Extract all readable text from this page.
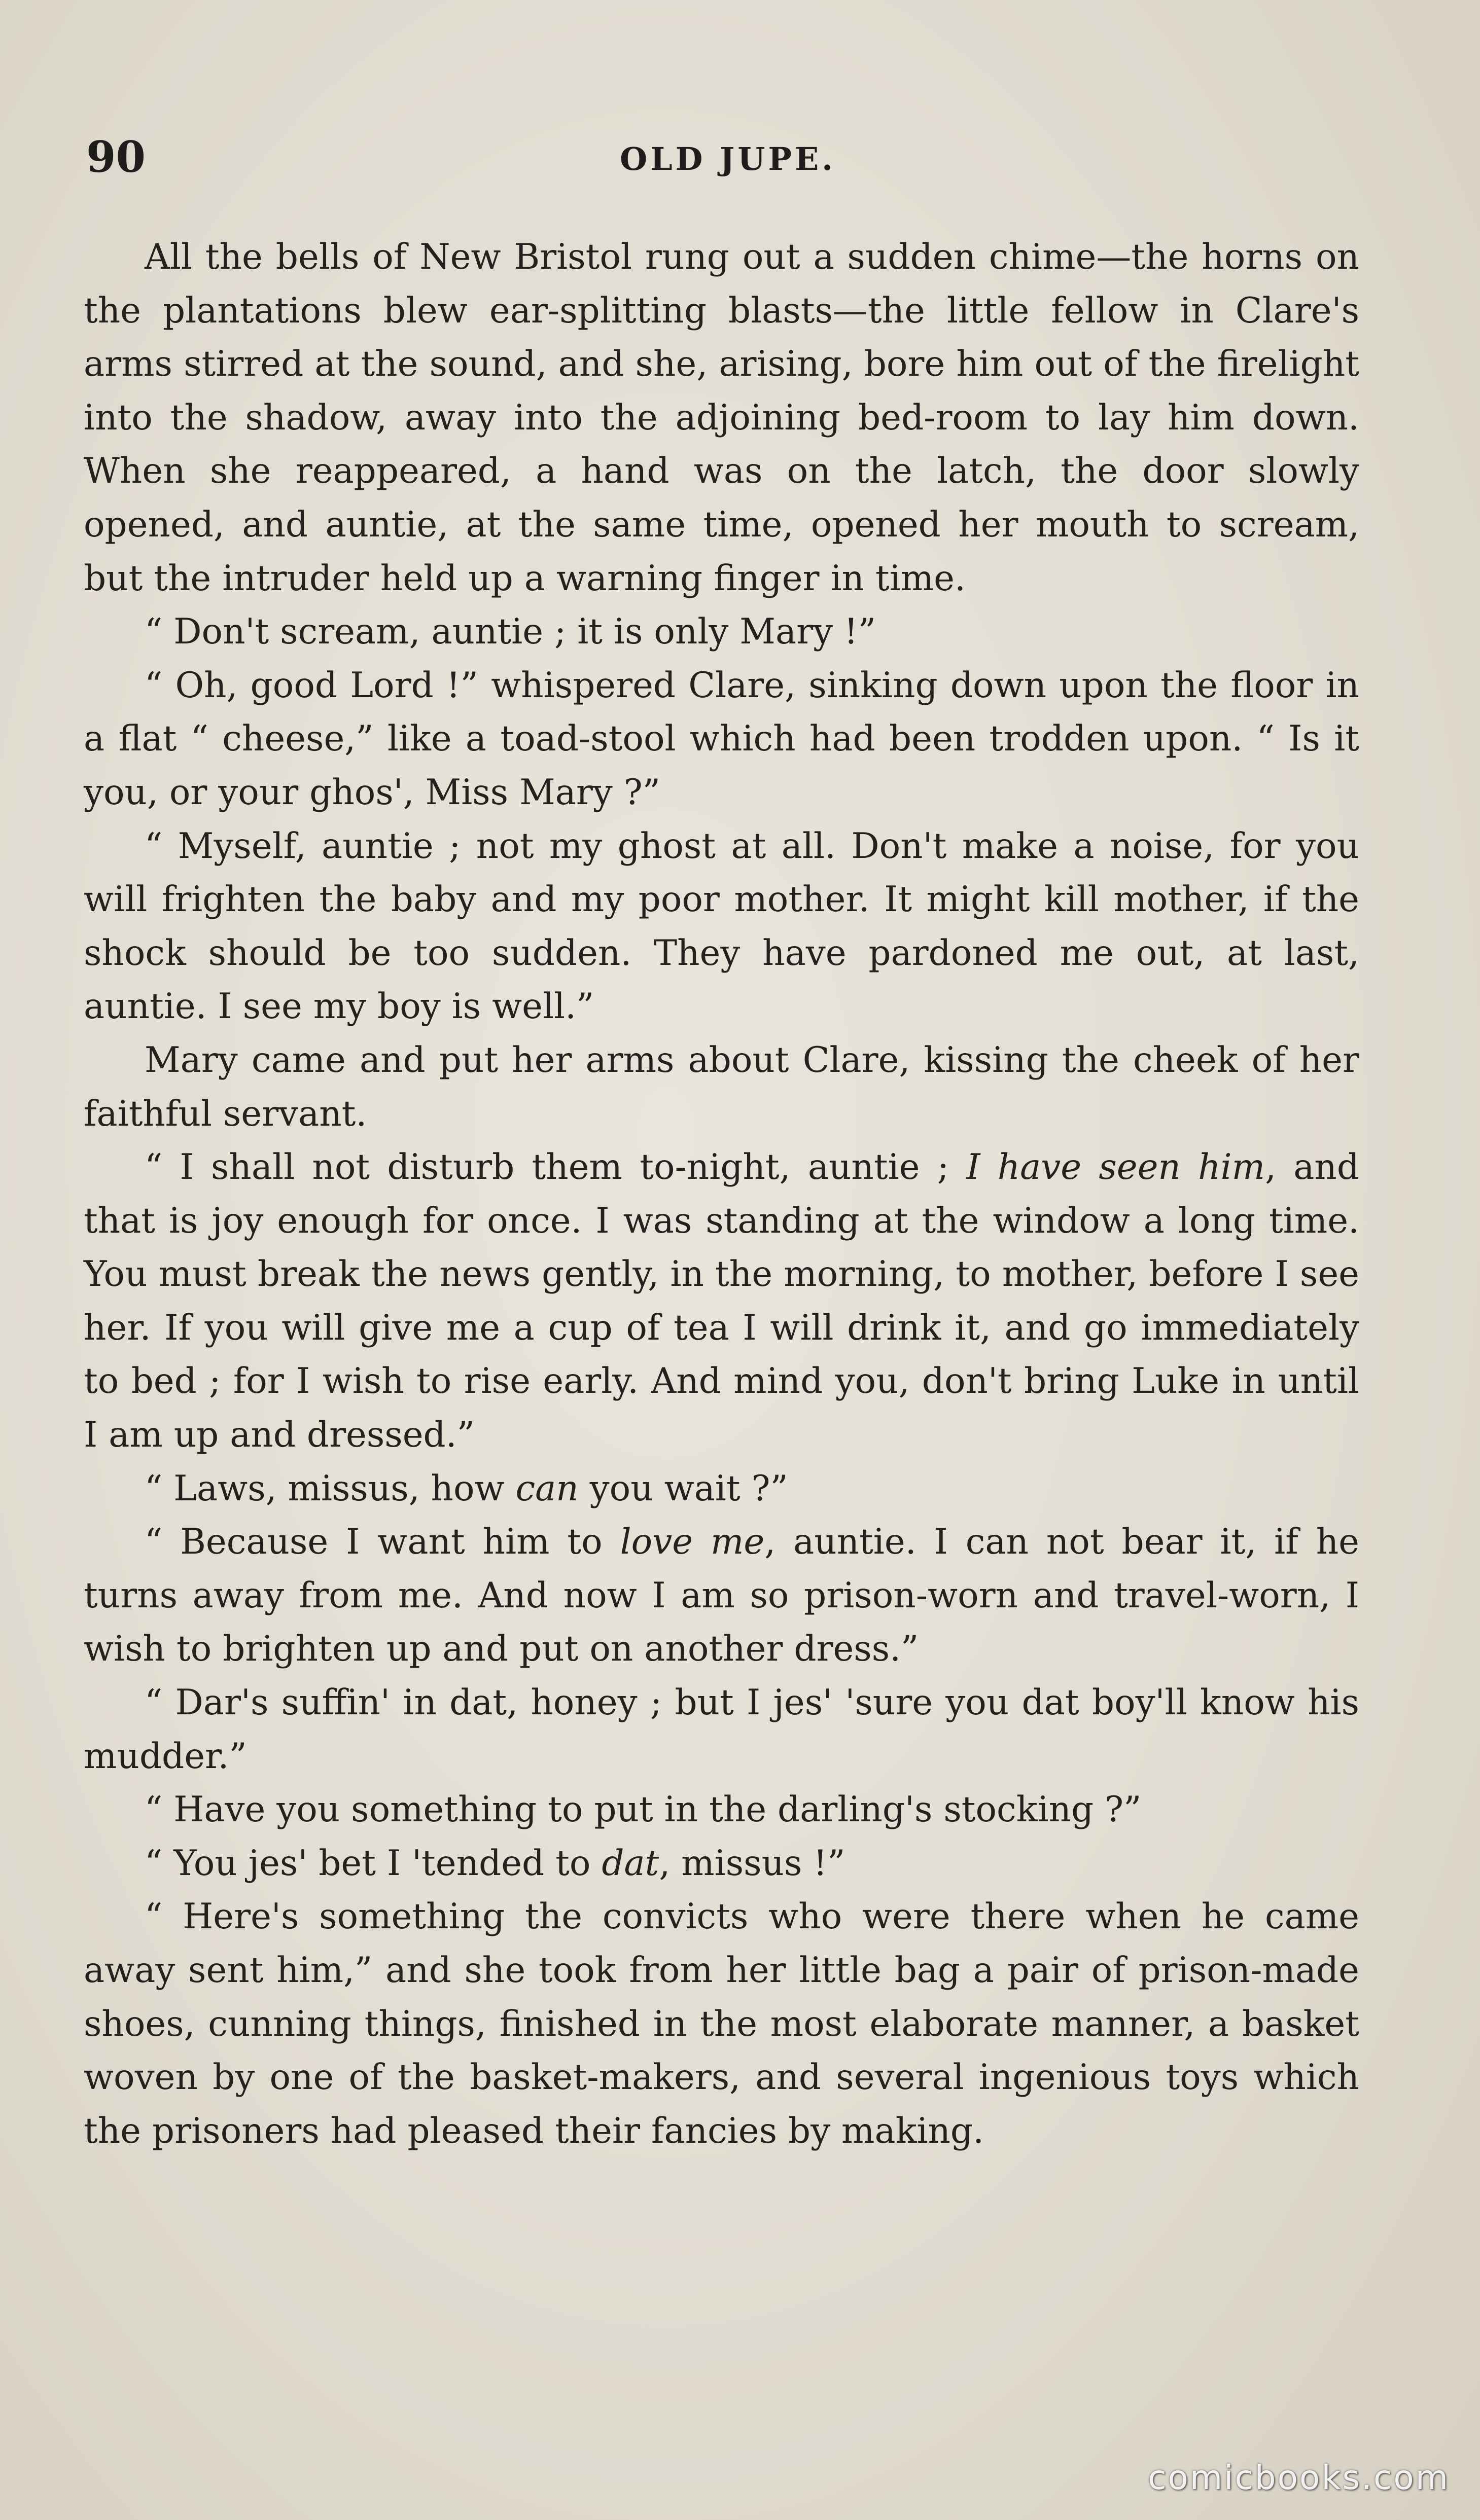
90	OLD JUPE.

All the bells of New Bristol rung out a sudden chime—the horns on the plantations blew ear-splitting blasts—the little fellow in Clare's arms stirred at the sound, and she, arising, bore him out of the firelight into the shadow, away into the adjoining bed-room to lay him down. When she reappeared, a hand was on the latch, the door slowly opened, and auntie, at the same time, opened her mouth to scream, but the intruder held up a warning finger in time.

“ Don't scream, auntie ; it is only Mary !”

“ Oh, good Lord !” whispered Clare, sinking down upon the floor in a flat “ cheese,” like a toad-stool which had been trodden upon. “ Is it you, or your ghos', Miss Mary ?”

“ Myself, auntie ; not my ghost at all. Don't make a noise, for you will frighten the baby and my poor mother. It might kill mother, if the shock should be too sudden. They have pardoned me out, at last, auntie. I see my boy is well.”

Mary came and put her arms about Clare, kissing the cheek of her faithful servant.

“ I shall not disturb them to-night, auntie ; I have seen him, and that is joy enough for once. I was standing at the window a long time. You must break the news gently, in the morning, to mother, before I see her. If you will give me a cup of tea I will drink it, and go immediately to bed ; for I wish to rise early. And mind you, don't bring Luke in until I am up and dressed.”

“ Laws, missus, how can you wait ?”

“ Because I want him to love me, auntie. I can not bear it, if he turns away from me. And now I am so prison-worn and travel-worn, I wish to brighten up and put on another dress.”

“ Dar's suffin' in dat, honey ; but I jes' 'sure you dat boy'll know his mudder.”

“ Have you something to put in the darling's stocking ?”

“ You jes' bet I 'tended to dat, missus !”

“ Here's something the convicts who were there when he came away sent him,” and she took from her little bag a pair of prison-made shoes, cunning things, finished in the most elaborate manner, a basket woven by one of the basket-makers, and several ingenious toys which the prisoners had pleased their fancies by making.

comicbooks.com
